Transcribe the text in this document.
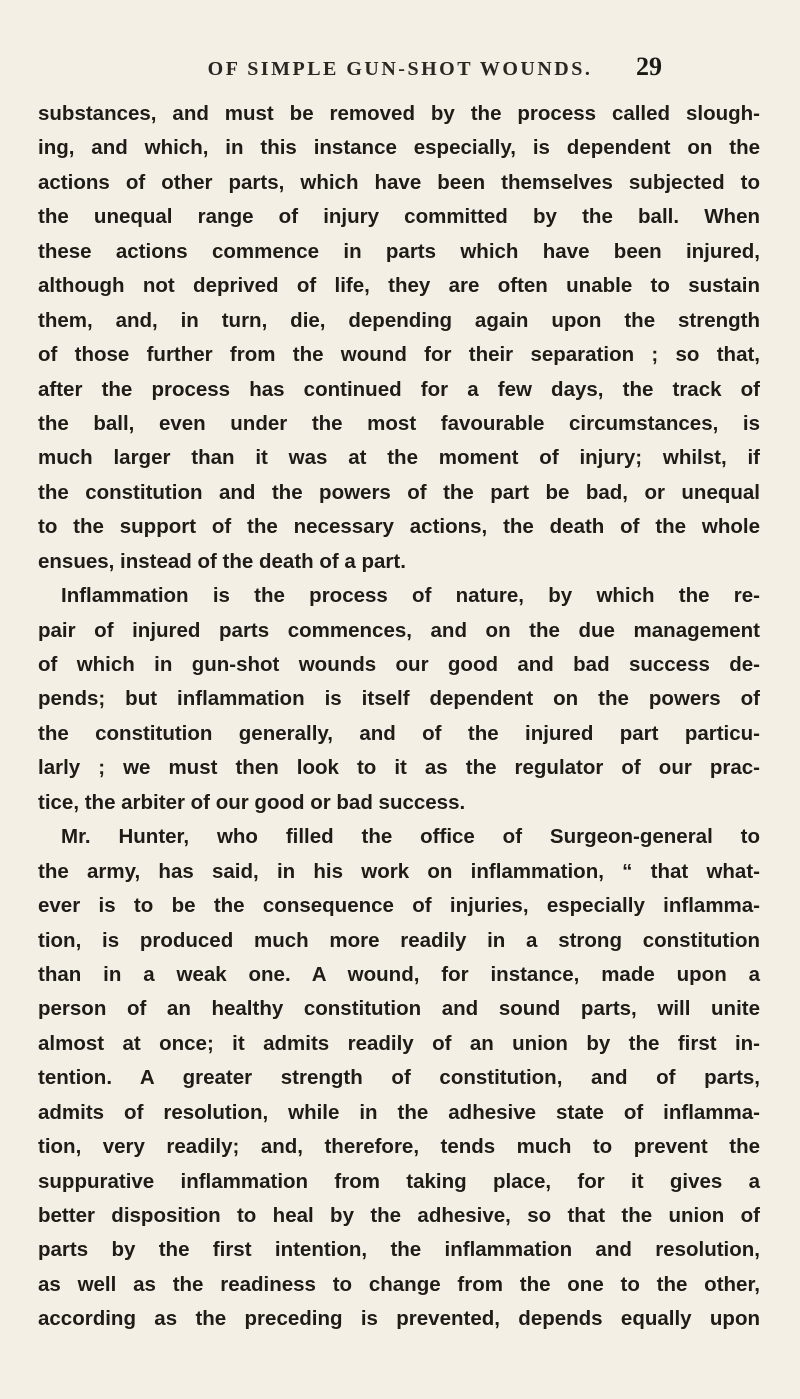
OF SIMPLE GUN-SHOT WOUNDS.	29
substances, and must be removed by the process called slough-
ing, and which, in this instance especially, is dependent on the
actions of other parts, which have been themselves subjected to
the unequal range of injury committed by the ball. When
these actions commence in parts which have been injured,
although not deprived of life, they are often unable to sustain
them, and, in turn, die, depending again upon the strength
of those further from the wound for their separation ; so that,
after the process has continued for a few days, the track of
the ball, even under the most favourable circumstances, is
much larger than it was at the moment of injury; whilst, if
the constitution and the powers of the part be bad, or unequal
to the support of the necessary actions, the death of the whole
ensues, instead of the death of a part.
Inflammation is the process of nature, by which the re-
pair of injured parts commences, and on the due management
of which in gun-shot wounds our good and bad success de-
pends; but inflammation is itself dependent on the powers of
the constitution generally, and of the injured part particu-
larly ; we must then look to it as the regulator of our prac-
tice, the arbiter of our good or bad success.
Mr. Hunter, who filled the office of Surgeon-general to
the army, has said, in his work on inflammation, “ that what-
ever is to be the consequence of injuries, especially inflamma-
tion, is produced much more readily in a strong constitution
than in a weak one. A wound, for instance, made upon a
person of an healthy constitution and sound parts, will unite
almost at once; it admits readily of an union by the first in-
tention. A greater strength of constitution, and of parts,
admits of resolution, while in the adhesive state of inflamma-
tion, very readily; and, therefore, tends much to prevent the
suppurative inflammation from taking place, for it gives a
better disposition to heal by the adhesive, so that the union of
parts by the first intention, the inflammation and resolution,
as well as the readiness to change from the one to the other,
according as the preceding is prevented, depends equally upon
